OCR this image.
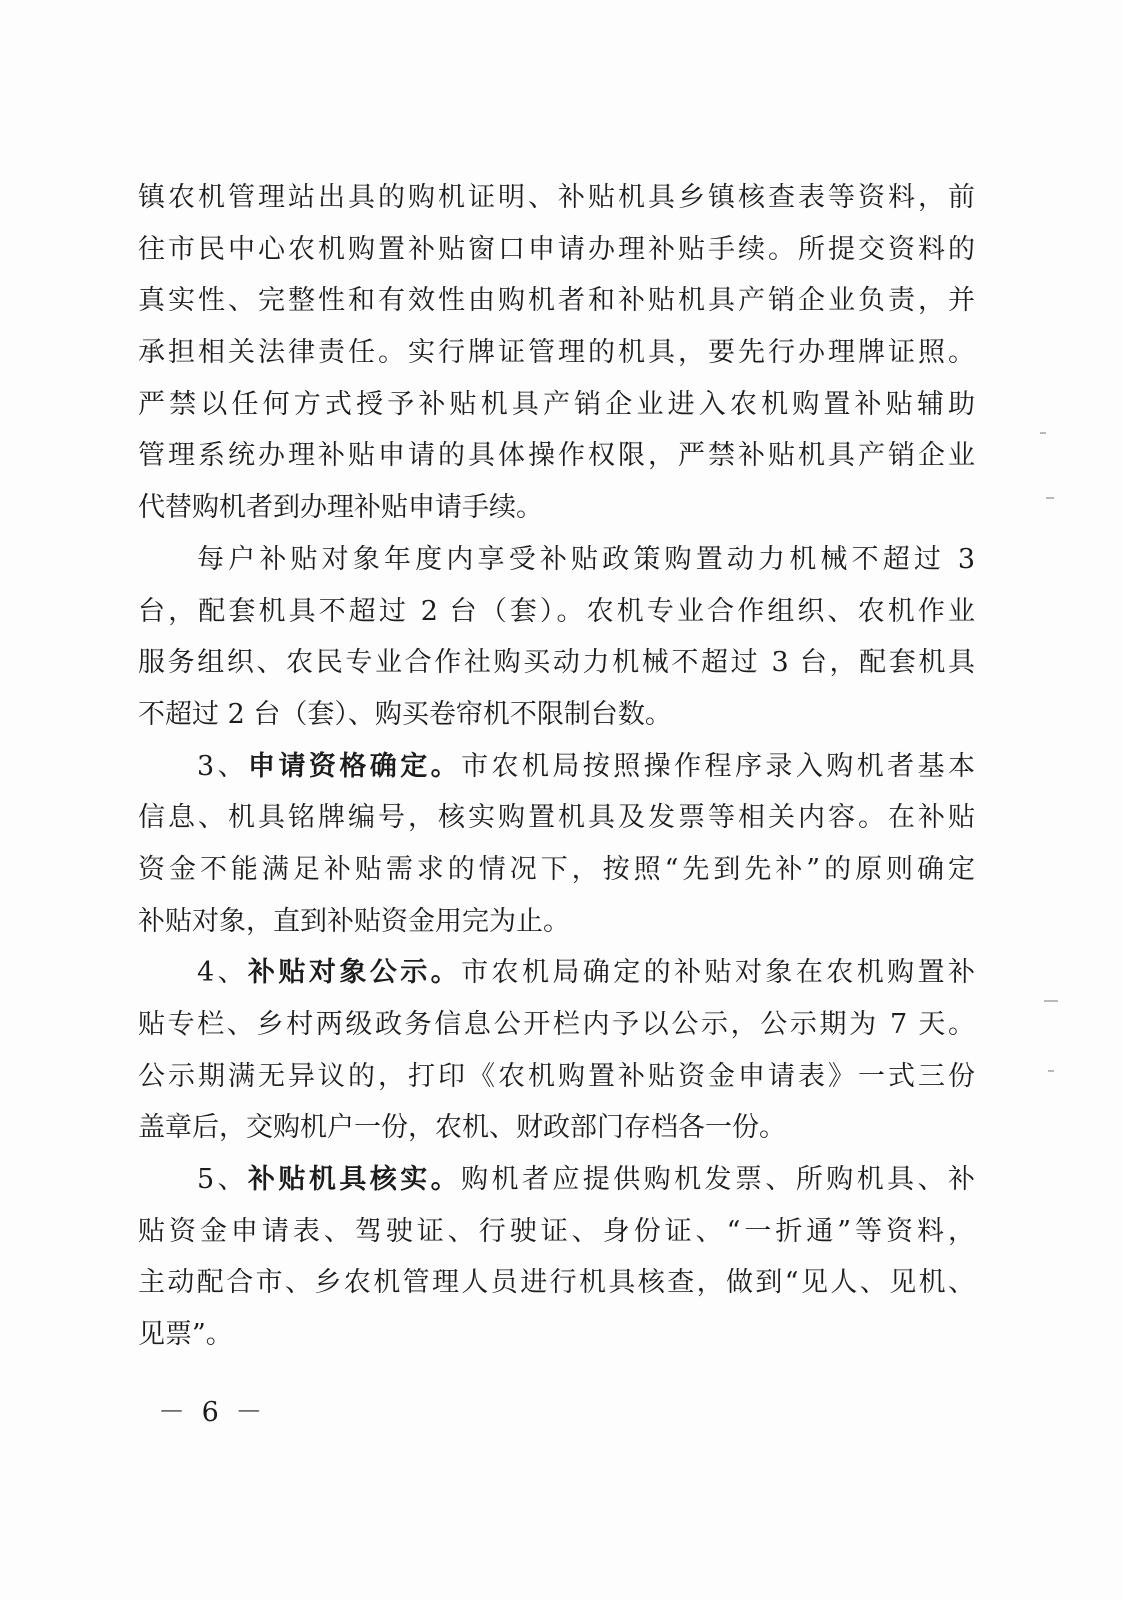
镇农机管理站出具的购机证明、补贴机具乡镇核查表等资料，前
往市民中心农机购置补贴窗口申请办理补贴手续。所提交资料的
真实性、完整性和有效性由购机者和补贴机具产销企业负责，并
承担相关法律责任。实行牌证管理的机具，要先行办理牌证照。
严禁以任何方式授予补贴机具产销企业进入农机购置补贴辅助
管理系统办理补贴申请的具体操作权限，严禁补贴机具产销企业
代替购机者到办理补贴申请手续。
每户补贴对象年度内享受补贴政策购置动力机械不超过 3
台，配套机具不超过 2 台（套）。农机专业合作组织、农机作业
服务组织、农民专业合作社购买动力机械不超过 3 台，配套机具
不超过 2 台（套）、购买卷帘机不限制台数。
3、申请资格确定。市农机局按照操作程序录入购机者基本
信息、机具铭牌编号，核实购置机具及发票等相关内容。在补贴
资金不能满足补贴需求的情况下，按照“先到先补”的原则确定
补贴对象，直到补贴资金用完为止。
4、补贴对象公示。市农机局确定的补贴对象在农机购置补
贴专栏、乡村两级政务信息公开栏内予以公示，公示期为 7 天。
公示期满无异议的，打印《农机购置补贴资金申请表》一式三份
盖章后，交购机户一份，农机、财政部门存档各一份。
5、补贴机具核实。购机者应提供购机发票、所购机具、补
贴资金申请表、驾驶证、行驶证、身份证、“一折通”等资料，
主动配合市、乡农机管理人员进行机具核查，做到“见人、见机、
见票”。
－ 6 －
